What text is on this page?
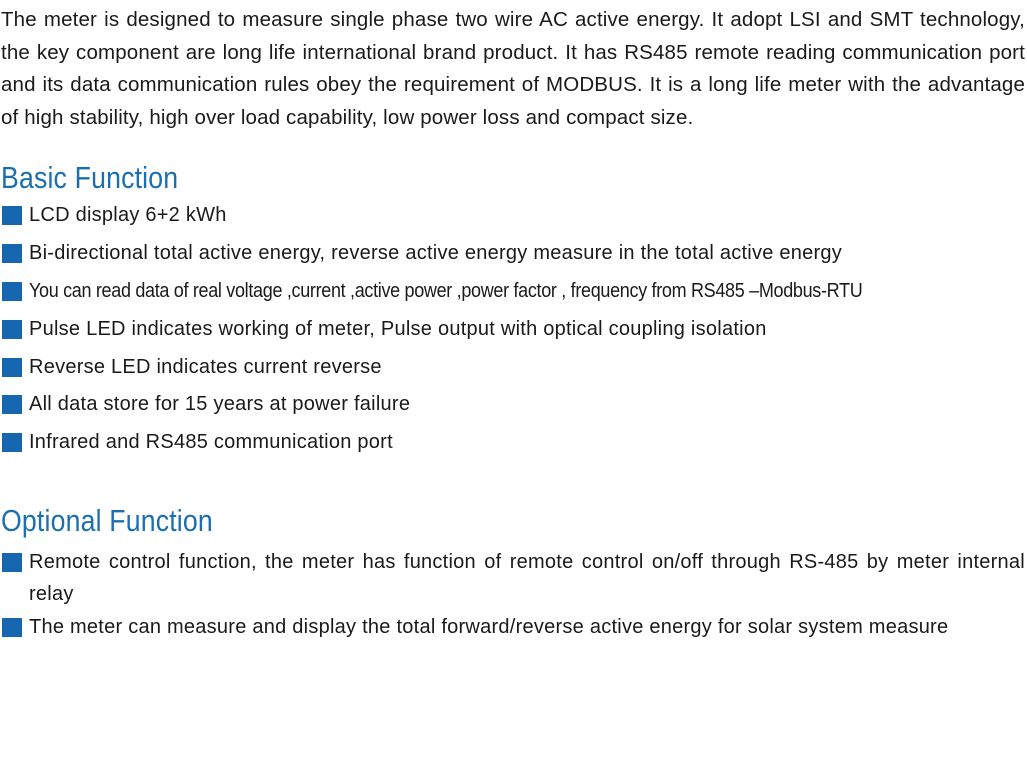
The meter is designed to measure single phase two wire AC active energy. It adopt LSI and SMT technology, the key component are long life international brand product. It has RS485 remote reading communication port and its data communication rules obey the requirement of MODBUS. It is a long life meter with the advantage of high stability, high over load capability, low power loss and compact size.

Basic Function
LCD display 6+2 kWh
Bi-directional total active energy, reverse active energy measure in the total active energy
You can read data of real voltage ,current ,active power ,power factor , frequency from RS485 –Modbus-RTU
Pulse LED indicates working of meter, Pulse output with optical coupling isolation
Reverse LED indicates current reverse
All data store for 15 years at power failure
Infrared and RS485 communication port
Optional Function
Remote control function, the meter has function of remote control on/off through RS-485 by meter internal relay
The meter can measure and display the total forward/reverse active energy for solar system measure
